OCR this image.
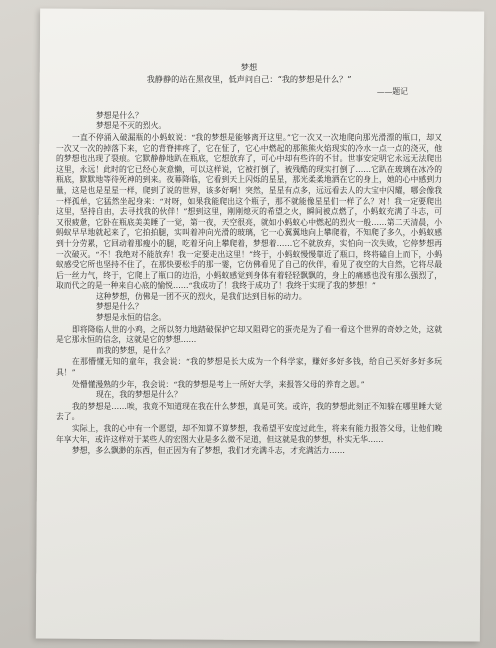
梦想
我静静的站在黑夜里，低声问自己：“我的梦想是什么？”
——题记

梦想是什么？

梦想是不灭的烈火。

一直不停涌入破漏瓶的小蚂蚁说：“我的梦想是能够离开这里。”它一次又一次地爬向那光滑漂的瓶口，却又一次又一次的掉落下来，它的背脊摔疼了，它在怔了，它心中燃起的那熊熊火焰现实的冷水一点一点的浇灭，他的梦想也出现了裂痕。它默静静地趴在瓶底，它想放弃了，可心中却有些许的不甘。世事安定明它永远无法爬出这里，永远！此时的它已经心灰意懒，可以这样说，它被打倒了，被残酷的现实打倒了……它趴在玻璃在冰冷的瓶底，默默地等待死神的到来。夜幕降临，它看到天上闪烁的星星，那光柔柔地洒在它的身上，她的心中感到力量，这是也是星星一样，爬到了说的世界，该多好啊！突然，星星有点多，远远看去人的大宝中闪耀，哪会像我一样孤单，它猛然坐起身来：“对呀，如果我能爬出这个瓶子，那不就能像星星们一样了么？对！我一定要爬出这里，坚持自由，去寻找我的伙伴！”想到这里，刚刚熄灭的希望之火，瞬间被点燃了，小蚂蚁充满了斗志，可又很疲惫，它卧在瓶底美美睡了一觉，第一夜，天空很亮，就如小蚂蚁心中燃起的烈火一般……第二天清晨，小蚂蚁早早地就起来了，它拍拍腿，实叫着冲向光滑的玻璃，它一心翼翼地向上攀爬着，不知爬了多久，小蚂蚁感到十分劳累，它回动着那瘦小的腿，吃着牙向上攀爬着，梦想着……它不就放弃，实怕向一次失败，它停梦想再一次破灭。“不！我绝对不能放弃！我一定要走出这里！”终于，小蚂蚁慢慢靠近了瓶口，终将磕自上而下，小蚂蚁感受它所也坚持不住了，在那快要松手的那一霎，它仿佛看见了自己的伙伴，看见了夜空的大自然，它将尽最后一丝力气，终于，它爬上了瓶口的边沿，小蚂蚁感觉到身体有着轻轻飘飘的，身上的痛感也没有那么强烈了，取而代之的是一种来自心底的愉悦……“我成功了！我终于成功了！我终于实现了我的梦想！”

这种梦想，仿佛是一团不灭的烈火，是我们达到目标的动力。

梦想是什么？

梦想是永恒的信念。

即将降临人世的小鸡，之所以努力地踏破保护它却又阻碍它的蛋壳是为了看一看这个世界的奇妙之处，这就是它那永恒的信念，这就是它的梦想……

而我的梦想，是什么？

在那懵懂无知的童年，我会说：“我的梦想是长大成为一个科学家，赚好多好多钱，给自己买好多好多玩具！”

处懵懂漫熟的少年，我会说：“我的梦想是考上一所好大学，来报答父母的养育之恩。”

现在，我的梦想是什么？

我的梦想是……唉，我竟不知道现在我在什么梦想，真是可笑。或许，我的梦想此刻正不知躲在哪里睡大觉去了。

实际上，我的心中有一个愿望，却不知算不算梦想，我希望平安度过此生，将来有能力报答父母，让他们晚年享大年，或许这样对于某些人的宏图大业是多么微不足道，但这就是我的梦想，朴实无华……

梦想，多么飘渺的东西，但正因为有了梦想，我们才充满斗志，才充满活力……
